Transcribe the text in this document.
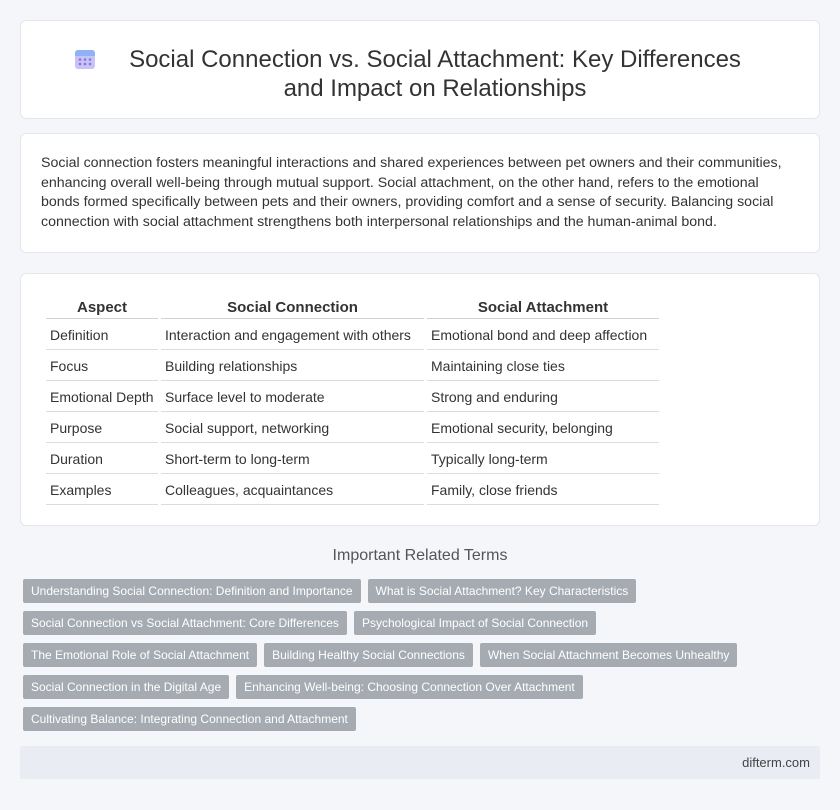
Social Connection vs. Social Attachment: Key Differences and Impact on Relationships

Social connection fosters meaningful interactions and shared experiences between pet owners and their communities, enhancing overall well-being through mutual support. Social attachment, on the other hand, refers to the emotional bonds formed specifically between pets and their owners, providing comfort and a sense of security. Balancing social connection with social attachment strengthens both interpersonal relationships and the human-animal bond.

Aspect	Social Connection	Social Attachment
Definition	Interaction and engagement with others	Emotional bond and deep affection
Focus	Building relationships	Maintaining close ties
Emotional Depth	Surface level to moderate	Strong and enduring
Purpose	Social support, networking	Emotional security, belonging
Duration	Short-term to long-term	Typically long-term
Examples	Colleagues, acquaintances	Family, close friends
Important Related Terms
Understanding Social Connection: Definition and Importance	What is Social Attachment? Key Characteristics
Social Connection vs Social Attachment: Core Differences	Psychological Impact of Social Connection
The Emotional Role of Social Attachment	Building Healthy Social Connections	When Social Attachment Becomes Unhealthy
Social Connection in the Digital Age	Enhancing Well-being: Choosing Connection Over Attachment
Cultivating Balance: Integrating Connection and Attachment
difterm.com
